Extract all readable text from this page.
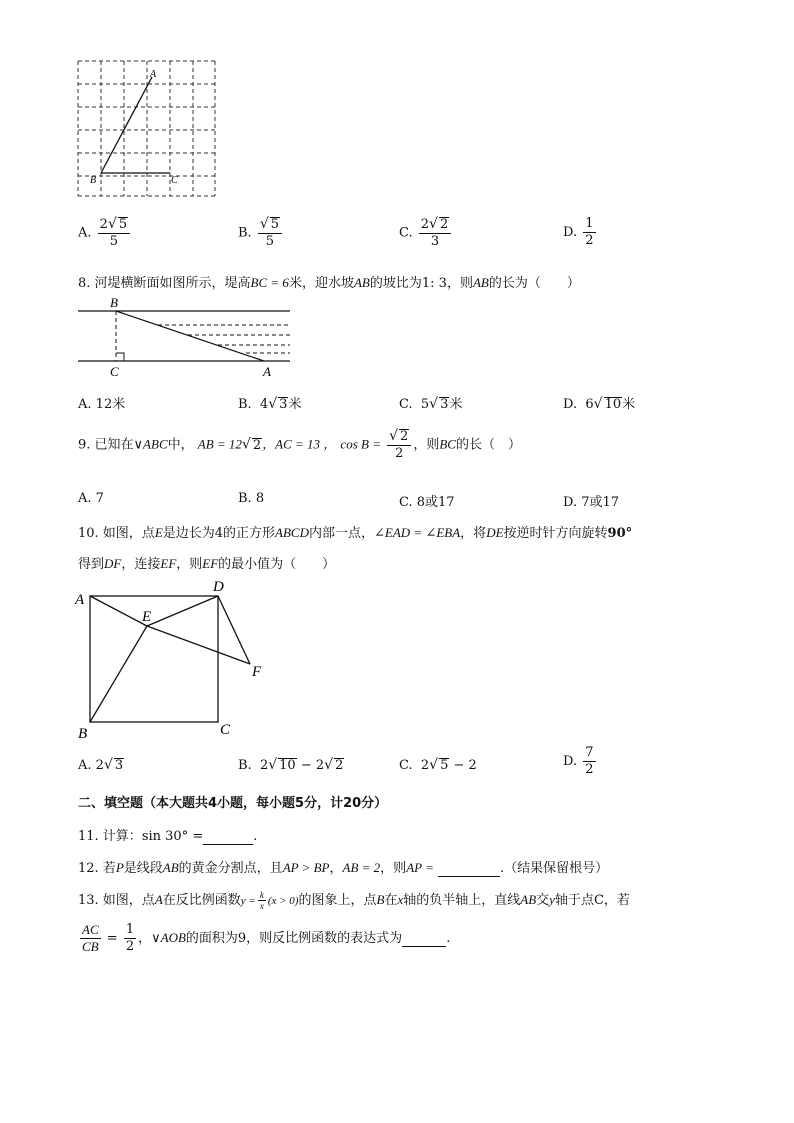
A
B	C
A. $\frac{2√ 5}{5}$	B. $\frac{√ 5}{5}$	C. $\frac{2√ 2}{3}$	D. $\frac{1}{2}$
8. 河堤横断面如图所示，堤高BC = 6米，迎水坡AB的坡比为1: 3，则AB的长为（　　）
B
C	A
A. 12米	B. 4√ 3米	C. 5√ 3米	D. 6√ 10米
9. 已知在∨ABC中， AB = 12√ 2，AC = 13 ， $\cos B = \frac{√ 2}{2}$ ，则BC的长（　）
A. 7	B. 8	C. 8或17	D. 7或17
10. 如图，点E是边长为4的正方形ABCD内部一点，∠EAD = ∠EBA，将DE按逆时针方向旋转90°
得到DF，连接EF，则EF的最小值为（　　）
A
B	C
D
E
F
A. 2√ 3	B. 2√ 10 − 2√ 2	C. 2√ 5 − 2	D. $\frac{7}{2}$
二、填空题（本大题共4小题，每小题5分，计20分）
11. 计算：sin 30° =	.
12. 若P是线段AB的黄金分割点，且AP > BP，AB = 2，则AP =	.（结果保留根号）
13. 如图，点A在反比例函数$y = \frac{k}{x} (x > 0)$的图象上，点B在x轴的负半轴上，直线AB交y轴于点C，若
$\frac{AC}{CB} = \frac{1}{2}$ ，∨AOB的面积为9，则反比例函数的表达式为	.
